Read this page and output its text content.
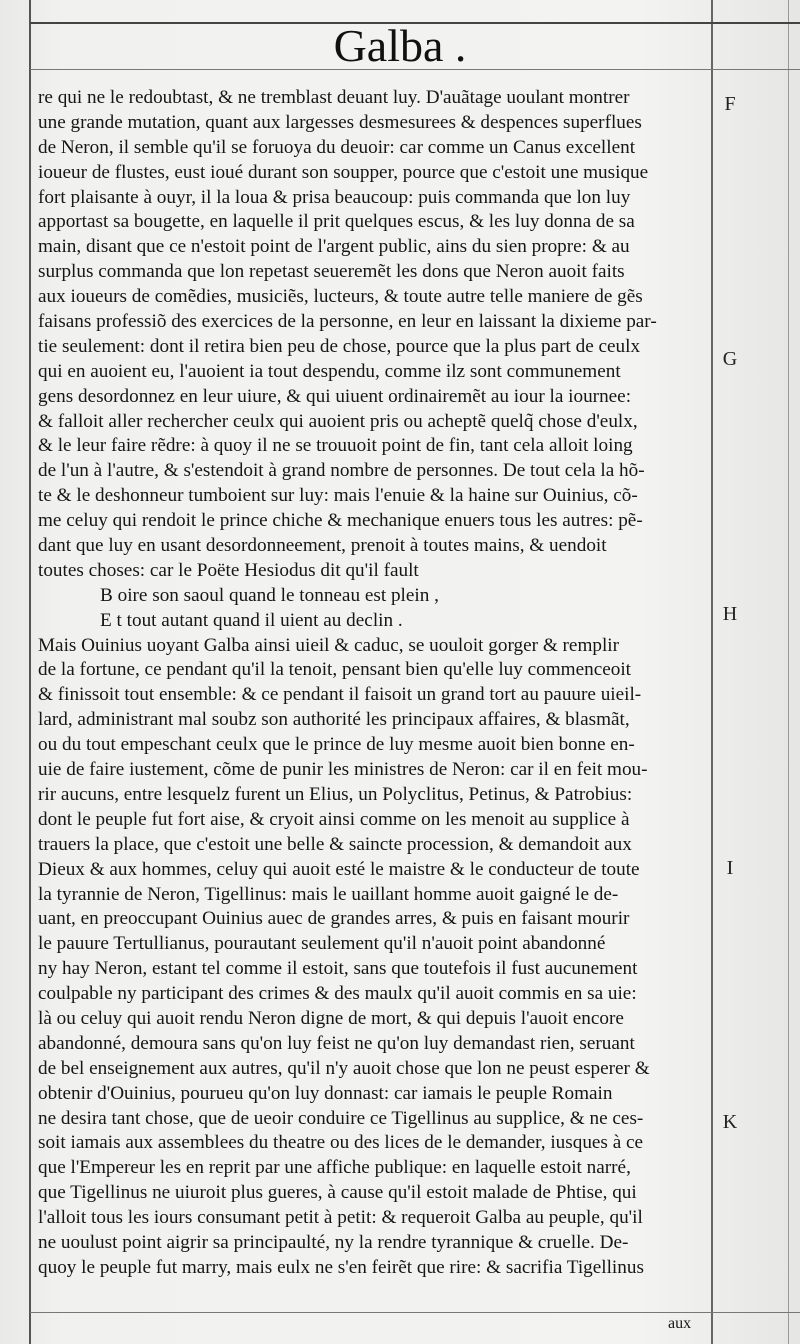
Galba .
re qui ne le redoubtast, & ne tremblast deuant luy. D'auãtage uoulant montrer
une grande mutation, quant aux largesses desmesurees & despences superflues
de Neron, il semble qu'il se foruoya du deuoir: car comme un Canus excellent
ioueur de flustes, eust ioué durant son soupper, pource que c'estoit une musique
fort plaisante à ouyr, il la loua & prisa beaucoup: puis commanda que lon luy
apportast sa bougette, en laquelle il prit quelques escus, & les luy donna de sa
main, disant que ce n'estoit point de l'argent public, ains du sien propre: & au
surplus commanda que lon repetast seueremẽt les dons que Neron auoit faits
aux ioueurs de comẽdies, musiciẽs, lucteurs, & toute autre telle maniere de gẽs
faisans professiõ des exercices de la personne, en leur en laissant la dixieme par-
tie seulement: dont il retira bien peu de chose, pource que la plus part de ceulx
qui en auoient eu, l'auoient ia tout despendu, comme ilz sont communement
gens desordonnez en leur uiure, & qui uiuent ordinairemẽt au iour la iournee:
& falloit aller rechercher ceulx qui auoient pris ou acheptẽ quelq̃ chose d'eulx,
& le leur faire rẽdre: à quoy il ne se trouuoit point de fin, tant cela alloit loing
de l'un à l'autre, & s'estendoit à grand nombre de personnes. De tout cela la hõ-
te & le deshonneur tumboient sur luy: mais l'enuie & la haine sur Ouinius, cõ-
me celuy qui rendoit le prince chiche & mechanique enuers tous les autres: pẽ-
dant que luy en usant desordonneement, prenoit à toutes mains, & uendoit
toutes choses: car le Poëte Hesiodus dit qu'il fault
B oire son saoul quand le tonneau est plein ,
E t tout autant quand il uient au declin .
Mais Ouinius uoyant Galba ainsi uieil & caduc, se uouloit gorger & remplir
de la fortune, ce pendant qu'il la tenoit, pensant bien qu'elle luy commenceoit
& finissoit tout ensemble: & ce pendant il faisoit un grand tort au pauure uieil-
lard, administrant mal soubz son authorité les principaux affaires, & blasmãt,
ou du tout empeschant ceulx que le prince de luy mesme auoit bien bonne en-
uie de faire iustement, cõme de punir les ministres de Neron: car il en feit mou-
rir aucuns, entre lesquelz furent un Elius, un Polyclitus, Petinus, & Patrobius:
dont le peuple fut fort aise, & cryoit ainsi comme on les menoit au supplice à
trauers la place, que c'estoit une belle & saincte procession, & demandoit aux
Dieux & aux hommes, celuy qui auoit esté le maistre & le conducteur de toute
la tyrannie de Neron, Tigellinus: mais le uaillant homme auoit gaigné le de-
uant, en preoccupant Ouinius auec de grandes arres, & puis en faisant mourir
le pauure Tertullianus, pourautant seulement qu'il n'auoit point abandonné
ny hay Neron, estant tel comme il estoit, sans que toutefois il fust aucunement
coulpable ny participant des crimes & des maulx qu'il auoit commis en sa uie:
là ou celuy qui auoit rendu Neron digne de mort, & qui depuis l'auoit encore
abandonné, demoura sans qu'on luy feist ne qu'on luy demandast rien, seruant
de bel enseignement aux autres, qu'il n'y auoit chose que lon ne peust esperer &
obtenir d'Ouinius, pourueu qu'on luy donnast: car iamais le peuple Romain
ne desira tant chose, que de ueoir conduire ce Tigellinus au supplice, & ne ces-
soit iamais aux assemblees du theatre ou des lices de le demander, iusques à ce
que l'Empereur les en reprit par une affiche publique: en laquelle estoit narré,
que Tigellinus ne uiuroit plus gueres, à cause qu'il estoit malade de Phtise, qui
l'alloit tous les iours consumant petit à petit: & requeroit Galba au peuple, qu'il
ne uoulust point aigrir sa principaulté, ny la rendre tyrannique & cruelle. De-
quoy le peuple fut marry, mais eulx ne s'en feirẽt que rire: & sacrifia Tigellinus
F
G
H
I
K
aux
